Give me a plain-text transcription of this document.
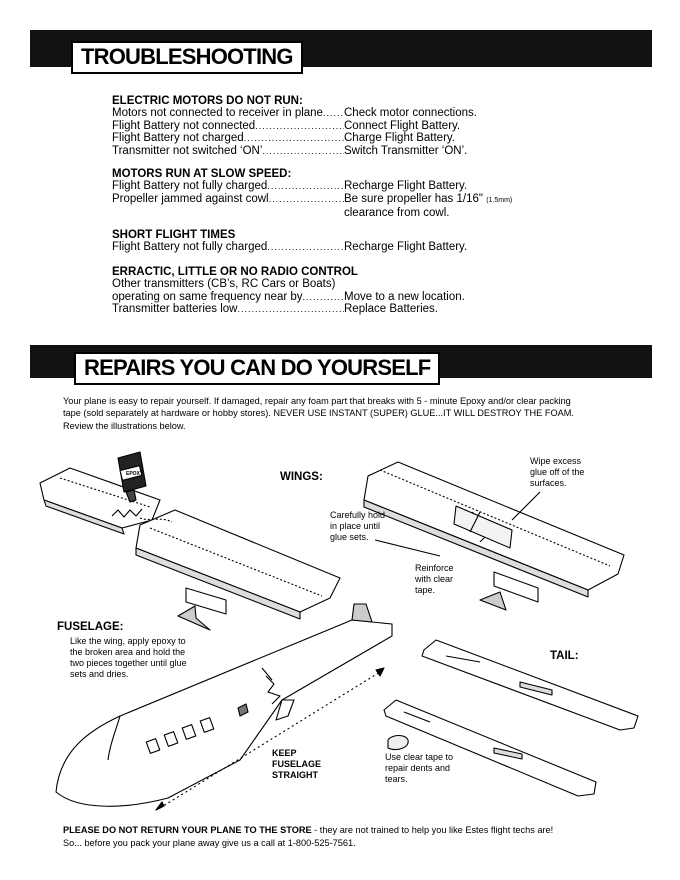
TROUBLESHOOTING
REPAIRS YOU CAN DO YOURSELF
ELECTRIC MOTORS DO NOT RUN:
Motors not connected to receiver in plane ..... Check motor connections.
Flight Battery not connected .....	Connect Flight Battery.
Flight Battery not charged .....	Charge Flight Battery.
Transmitter not switched ‘ON’ .....	Switch Transmitter ‘ON’.
MOTORS RUN AT SLOW SPEED:
Flight Battery not fully charged .....	Recharge Flight Battery.
Propeller jammed against cowl .....	Be sure propeller has 1/16" (1.5mm)
clearance from cowl.
SHORT FLIGHT TIMES
Flight Battery not fully charged .....	Recharge Flight Battery.
ERRACTIC, LITTLE OR NO RADIO CONTROL
Other transmitters (CB’s, RC Cars or Boats)
operating on same frequency near by .....	Move to a new location.
Transmitter batteries low .....	Replace Batteries.
Your plane is easy to repair yourself. If damaged, repair any foam part that breaks with 5 - minute Epoxy and/or clear packing
tape (sold separately at hardware or hobby stores). NEVER USE INSTANT (SUPER) GLUE...IT WILL DESTROY THE FOAM.
Review the illustrations below.
EPOXY	WINGS:
Carefully hold
in place until
glue sets.
Wipe excess
glue off of the
surfaces.
Reinforce
with clear
tape.
FUSELAGE:
Like the wing, apply epoxy to
the broken area and hold the
two pieces together until glue
sets and dries.
TAIL:
KEEP
FUSELAGE
STRAIGHT
Use clear tape to
repair dents and
tears.
PLEASE DO NOT RETURN YOUR PLANE TO THE STORE - they are not trained to help you like Estes flight techs are!
So... before you pack your plane away give us a call at 1-800-525-7561.
